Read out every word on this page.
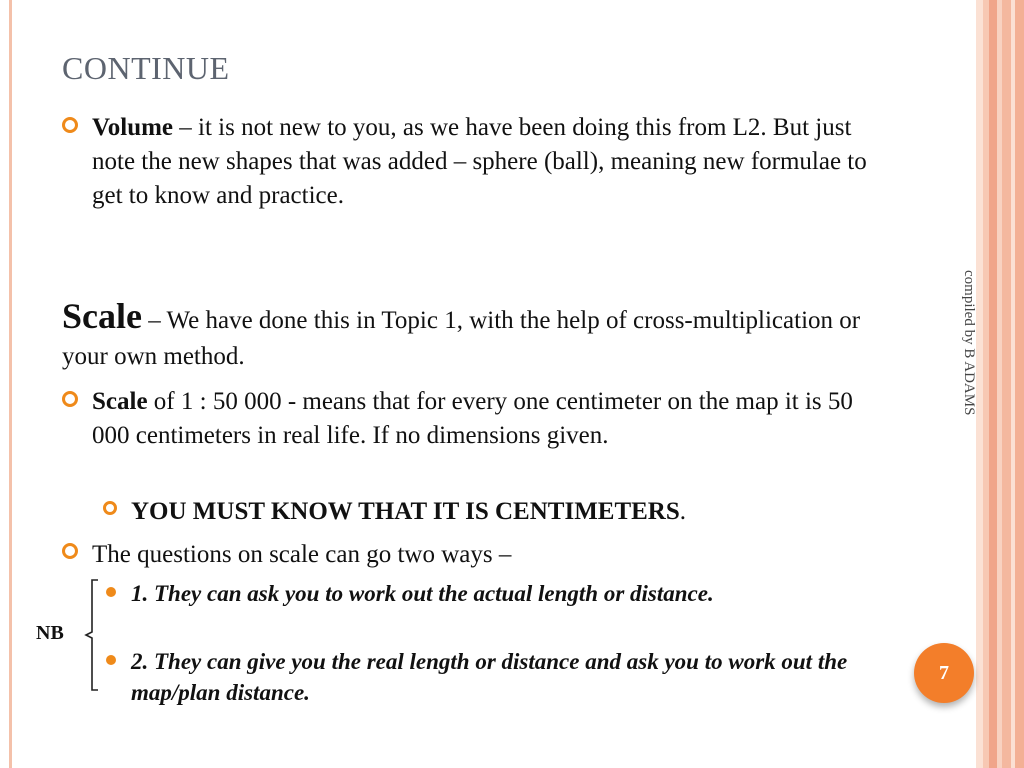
CONTINUE
Volume – it is not new to you, as we have been doing this from L2. But just note the new shapes that was added – sphere (ball), meaning new formulae to get to know and practice.
Scale – We have done this in Topic 1, with the help of cross-multiplication or your own method.
Scale of 1 : 50 000 - means that for every one centimeter on the map it is 50 000 centimeters in real life. If no dimensions given.
YOU MUST KNOW THAT IT IS CENTIMETERS.
The questions on scale can go two ways –
NB
1. They can ask you to work out the actual length or distance.
2. They can give you the real length or distance and ask you to work out the map/plan distance.
compiled by B ADAMS
7
